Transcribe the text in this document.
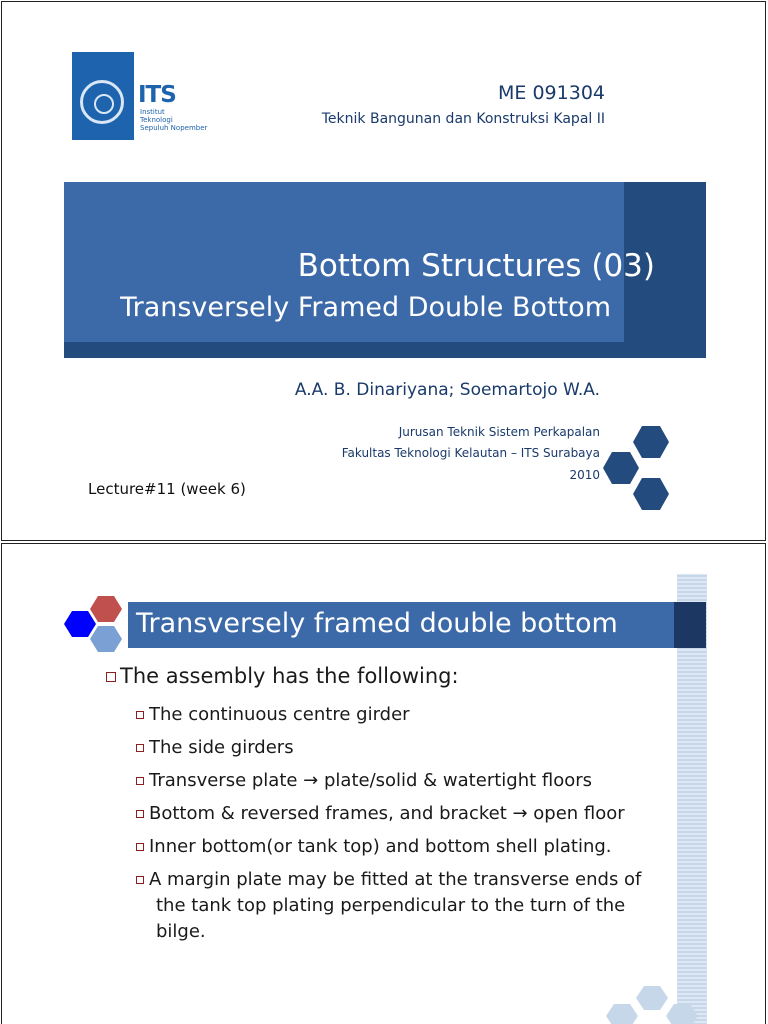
ITS
Institut
Teknologi
Sepuluh Nopember
ME 091304
Teknik Bangunan dan Konstruksi Kapal II
Bottom Structures (03)
Transversely Framed Double Bottom
A.A. B. Dinariyana; Soemartojo W.A.
Jurusan Teknik Sistem Perkapalan
Fakultas Teknologi Kelautan – ITS Surabaya
2010
Lecture#11 (week 6)
Transversely framed double bottom
The assembly has the following:
The continuous centre girder
The side girders
Transverse plate → plate/solid & watertight floors
Bottom & reversed frames, and bracket → open floor
Inner bottom(or tank top) and bottom shell plating.
A margin plate may be fitted at the transverse ends of the tank top plating perpendicular to the turn of the bilge.
